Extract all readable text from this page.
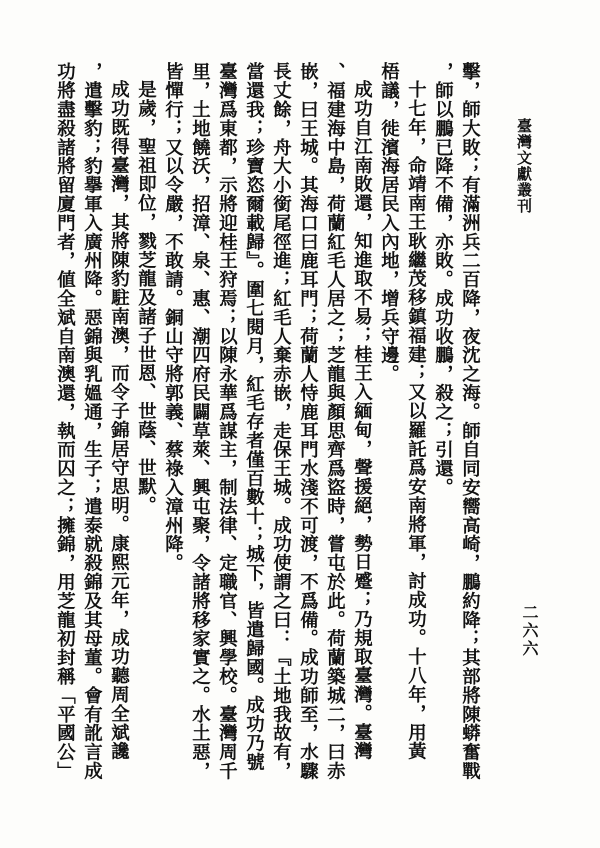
臺灣文獻叢刊
二六六
擊，師大敗；有滿洲兵二百降，夜沈之海。師自同安嚮高崎，鵬約降；其部將陳蟒奮戰
，師以鵬已降不備，亦敗。成功收鵬，殺之；引還。
十七年，命靖南王耿繼茂移鎮福建；又以羅託爲安南將軍，討成功。十八年，用黃
梧議，徙濱海居民入內地，增兵守邊。
成功自江南敗還，知進取不易；桂王入緬甸，聲援絕，勢日蹙；乃規取臺灣。臺灣
、福建海中島，荷蘭紅毛人居之；芝龍與顏思齊爲盜時，嘗屯於此。荷蘭築城二，曰赤
嵌，曰王城。其海口曰鹿耳門；荷蘭人恃鹿耳門水淺不可渡，不爲備。成功師至，水驟
長丈餘，舟大小銜尾徑進；紅毛人棄赤嵌，走保王城。成功使謂之曰：『土地我故有，
當還我；珍寶恣爾載歸』。圍七閱月，紅毛存者僅百數十；城下，皆遣歸國。成功乃號
臺灣爲東都，示將迎桂王狩焉；以陳永華爲謀主，制法律、定職官、興學校。臺灣周千
里，土地饒沃，招漳、泉、惠、潮四府民闢草萊、興屯聚，令諸將移家實之。水土惡，
皆憚行；又以令嚴，不敢請。銅山守將郭義、蔡祿入漳州降。
是歲，聖祖即位，戮芝龍及諸子世恩、世蔭、世默。
成功既得臺灣，其將陳豹駐南澳，而令子錦居守思明。康熙元年，成功聽周全斌讒
，遣擊豹；豹擧軍入廣州降。惡錦與乳媼通，生子；遣泰就殺錦及其母董。會有訛言成
功將盡殺諸將留廈門者，値全斌自南澳還，執而囚之；擁錦，用芝龍初封稱「平國公」
